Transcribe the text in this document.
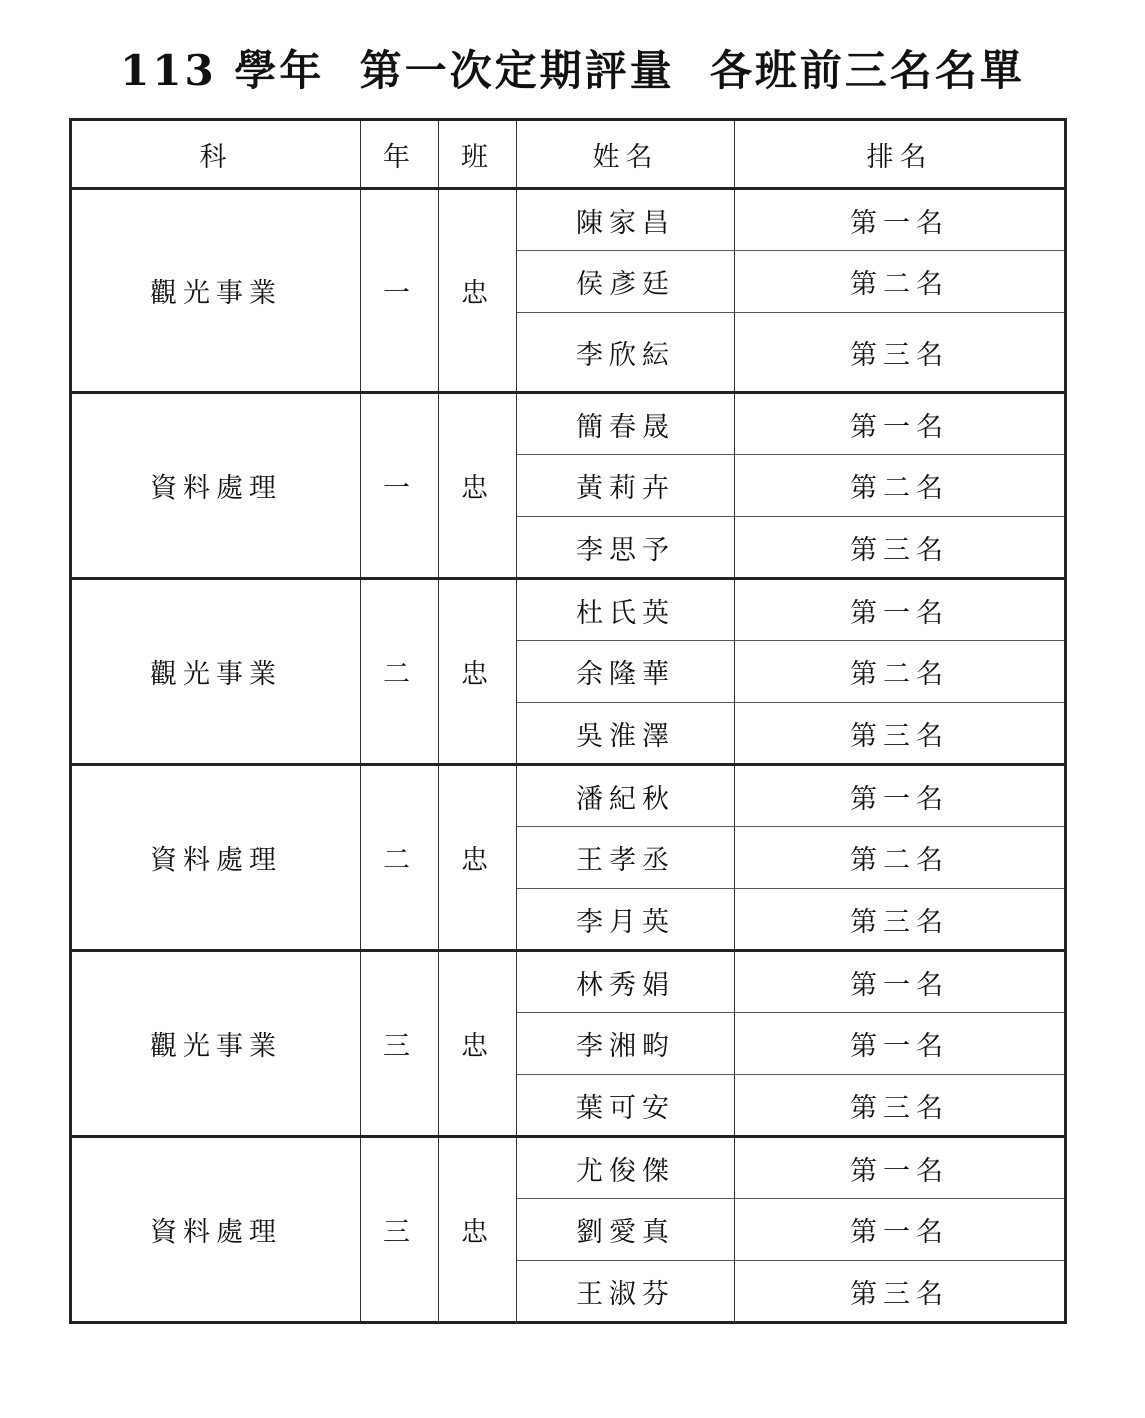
113 學年  第一次定期評量  各班前三名名單
科	年	班	姓名	排名
觀光事業	一	忠	陳家昌	第一名
			侯彥廷	第二名
			李欣紜	第三名
資料處理	一	忠	簡春晟	第一名
			黃莉卉	第二名
			李思予	第三名
觀光事業	二	忠	杜氏英	第一名
			余隆華	第二名
			吳淮澤	第三名
資料處理	二	忠	潘紀秋	第一名
			王孝丞	第二名
			李月英	第三名
觀光事業	三	忠	林秀娟	第一名
			李湘畇	第一名
			葉可安	第三名
資料處理	三	忠	尤俊傑	第一名
			劉愛真	第一名
			王淑芬	第三名
